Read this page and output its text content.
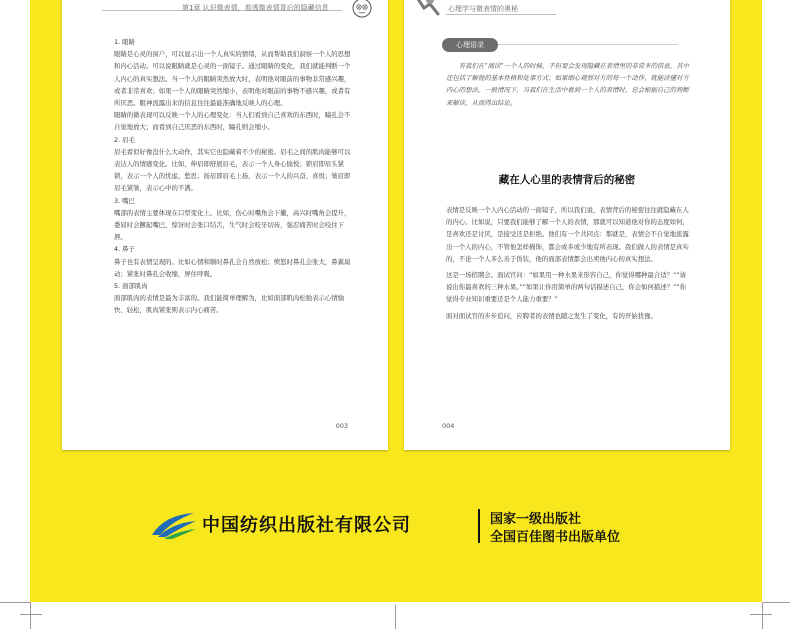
第1章 认识微表情，看透微表情背后的隐藏信息

1. 眼睛

眼睛是心灵的窗户，可以显示出一个人真实的情绪，从而帮助我们洞察一个人的思想和内心活动。可以说眼睛就是心灵的一面镜子。通过眼睛的变化，我们就能判断一个人内心的真实想法。当一个人的眼睛突然放大时，表明他对眼前的事物非常感兴趣，或者非常喜欢；如果一个人的眼睛突然缩小，表明他对眼前的事物不感兴趣，或者有所厌恶。眼神流露出来的信息往往最能准确地反映人的心理。

眼睛的微表现可以反映一个人的心理变化：当人们看到自己喜欢的东西时，瞳孔会不自觉地放大；而看到自己厌恶的东西时，瞳孔则会缩小。

2. 眉毛

眉毛看似好像没什么大动作，其实它也隐藏着不少的秘密。眉毛之间的肌肉能够可以表达人的情感变化。比如，伸眉即舒展眉毛，表示一个人身心愉悦；锁眉即眉头紧锁，表示一个人的忧虑、愁思；扬眉即眉毛上扬，表示一个人的兴奋、喜悦；皱眉即眉毛紧皱，表示心中的不满。

3. 嘴巴

嘴部的表情主要体现在口型变化上。比如，伤心时嘴角会下撇，高兴时嘴角会提升，委屈时会撅起嘴巴，惊讶时会张口结舌，生气时会咬牙切齿，强忍痛苦时会咬住下唇。

4. 鼻子

鼻子也有表情呈现的。比如心情和顺时鼻孔会自然放松；愤怒时鼻孔会张大，鼻翼扇动；紧张时鼻孔会收缩，屏住呼吸。

5. 面部肌肉

面部肌肉的表情是最为丰富的。我们能简单理解为，比如面部肌肉松弛表示心情愉快、轻松，肌肉紧张则表示内心痛苦。

003
心理学与微表情的奥秘
心理语录
有我们在“阅读”一个人的时候，不但要会发现隐藏在表情里的非常多的信息，其中还包括了解他的基本性格和处事方式；如果细心观察对方的每一个动作，就能读懂对方内心的想法。一般情况下，当我们在生活中看到一个人的表情时，总会根据自己的判断来解读，从而得出结论。
藏在人心里的表情背后的秘密

表情是反映一个人内心活动的一面镜子，所以我们说，表情背后的秘密往往就隐藏在人的内心。比如说，只要我们能够了解一个人的表情，那就可以知道他对你的态度如何，是喜欢还是讨厌，是接受还是拒绝。他们有一个共同点：那就是，表情会不自觉地流露出一个人的内心，不管他怎样掩饰，都会或多或少地有所表现。我们做人的表情是真实的，不论一个人多么善于伪装，他的面部表情都会出卖他内心的真实想法。

这是一场招聘会。面试官问：“如果用一种水果来形容自己，你觉得哪种最合适？”“请说出你最喜欢的三种水果。”“如果让你用简单的两句话描述自己，你会如何描述？”“你觉得专业知识重要还是个人能力重要？”

面对面试官的步步追问，应聘者的表情也随之发生了变化，有的开始犹豫。

004
中国纺织出版社有限公司	国家一级出版社
全国百佳图书出版单位
